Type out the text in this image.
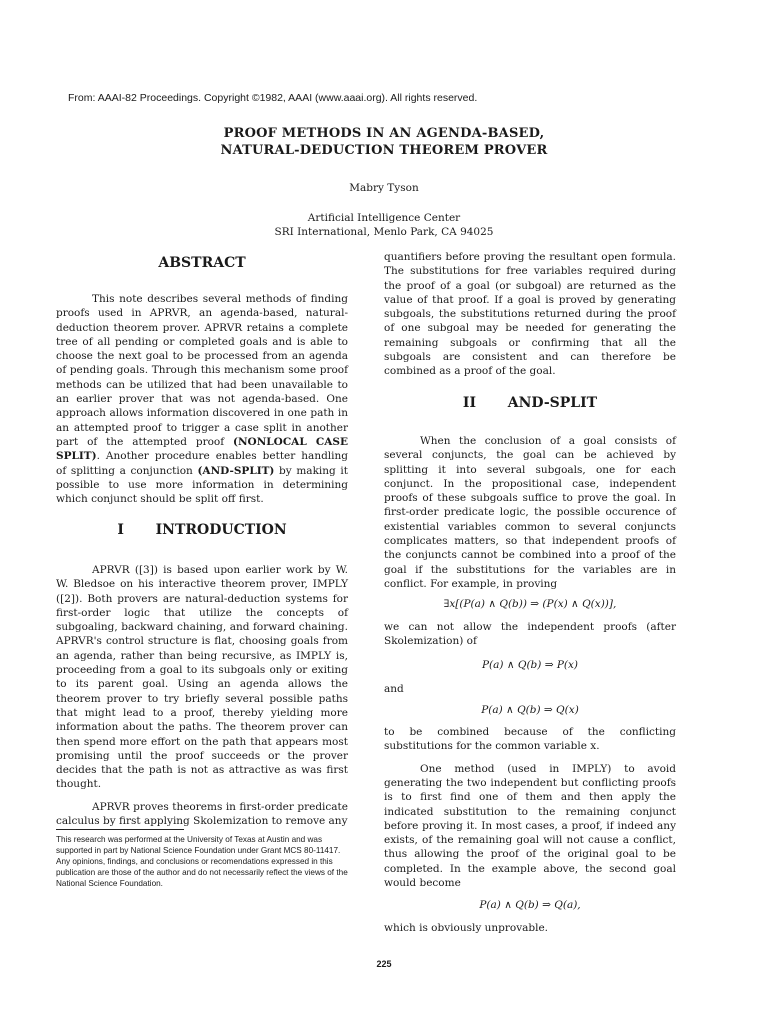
From: AAAI-82 Proceedings. Copyright ©1982, AAAI (www.aaai.org). All rights reserved.
PROOF METHODS IN AN AGENDA-BASED,
NATURAL-DEDUCTION THEOREM PROVER
Mabry Tyson
Artificial Intelligence Center
SRI International, Menlo Park, CA 94025
ABSTRACT

This note describes several methods of finding proofs used in APRVR, an agenda-based, natural-deduction theorem prover. APRVR retains a complete tree of all pending or completed goals and is able to choose the next goal to be processed from an agenda of pending goals. Through this mechanism some proof methods can be utilized that had been unavailable to an earlier prover that was not agenda-based. One approach allows information discovered in one path in an attempted proof to trigger a case split in another part of the attempted proof (NONLOCAL CASE SPLIT). Another procedure enables better handling of splitting a conjunction (AND-SPLIT) by making it possible to use more information in determining which conjunct should be split off first.

I INTRODUCTION

APRVR ([3]) is based upon earlier work by W. W. Bledsoe on his interactive theorem prover, IMPLY ([2]). Both provers are natural-deduction systems for first-order logic that utilize the concepts of subgoaling, backward chaining, and forward chaining. APRVR's control structure is flat, choosing goals from an agenda, rather than being recursive, as IMPLY is, proceeding from a goal to its subgoals only or exiting to its parent goal. Using an agenda allows the theorem prover to try briefly several possible paths that might lead to a proof, thereby yielding more information about the paths. The theorem prover can then spend more effort on the path that appears most promising until the proof succeeds or the prover decides that the path is not as attractive as was first thought.

APRVR proves theorems in first-order predicate calculus by first applying Skolemization to remove any

This research was performed at the University of Texas at Austin and was supported in part by National Science Foundation under Grant MCS 80-11417. Any opinions, findings, and conclusions or recomendations expressed in this publication are those of the author and do not necessarily reflect the views of the National Science Foundation.

quantifiers before proving the resultant open formula. The substitutions for free variables required during the proof of a goal (or subgoal) are returned as the value of that proof. If a goal is proved by generating subgoals, the substitutions returned during the proof of one subgoal may be needed for generating the remaining subgoals or confirming that all the subgoals are consistent and can therefore be combined as a proof of the goal.

II AND-SPLIT

When the conclusion of a goal consists of several conjuncts, the goal can be achieved by splitting it into several subgoals, one for each conjunct. In the propositional case, independent proofs of these subgoals suffice to prove the goal. In first-order predicate logic, the possible occurence of existential variables common to several conjuncts complicates matters, so that independent proofs of the conjuncts cannot be combined into a proof of the goal if the substitutions for the variables are in conflict. For example, in proving

∃x[(P(a) ∧ Q(b)) ⇒ (P(x) ∧ Q(x))],

we can not allow the independent proofs (after Skolemization) of

P(a) ∧ Q(b) ⇒ P(x)

and

P(a) ∧ Q(b) ⇒ Q(x)

to be combined because of the conflicting substitutions for the common variable x.

One method (used in IMPLY) to avoid generating the two independent but conflicting proofs is to first find one of them and then apply the indicated substitution to the remaining conjunct before proving it. In most cases, a proof, if indeed any exists, of the remaining goal will not cause a conflict, thus allowing the proof of the original goal to be completed. In the example above, the second goal would become

P(a) ∧ Q(b) ⇒ Q(a),

which is obviously unprovable.

225
